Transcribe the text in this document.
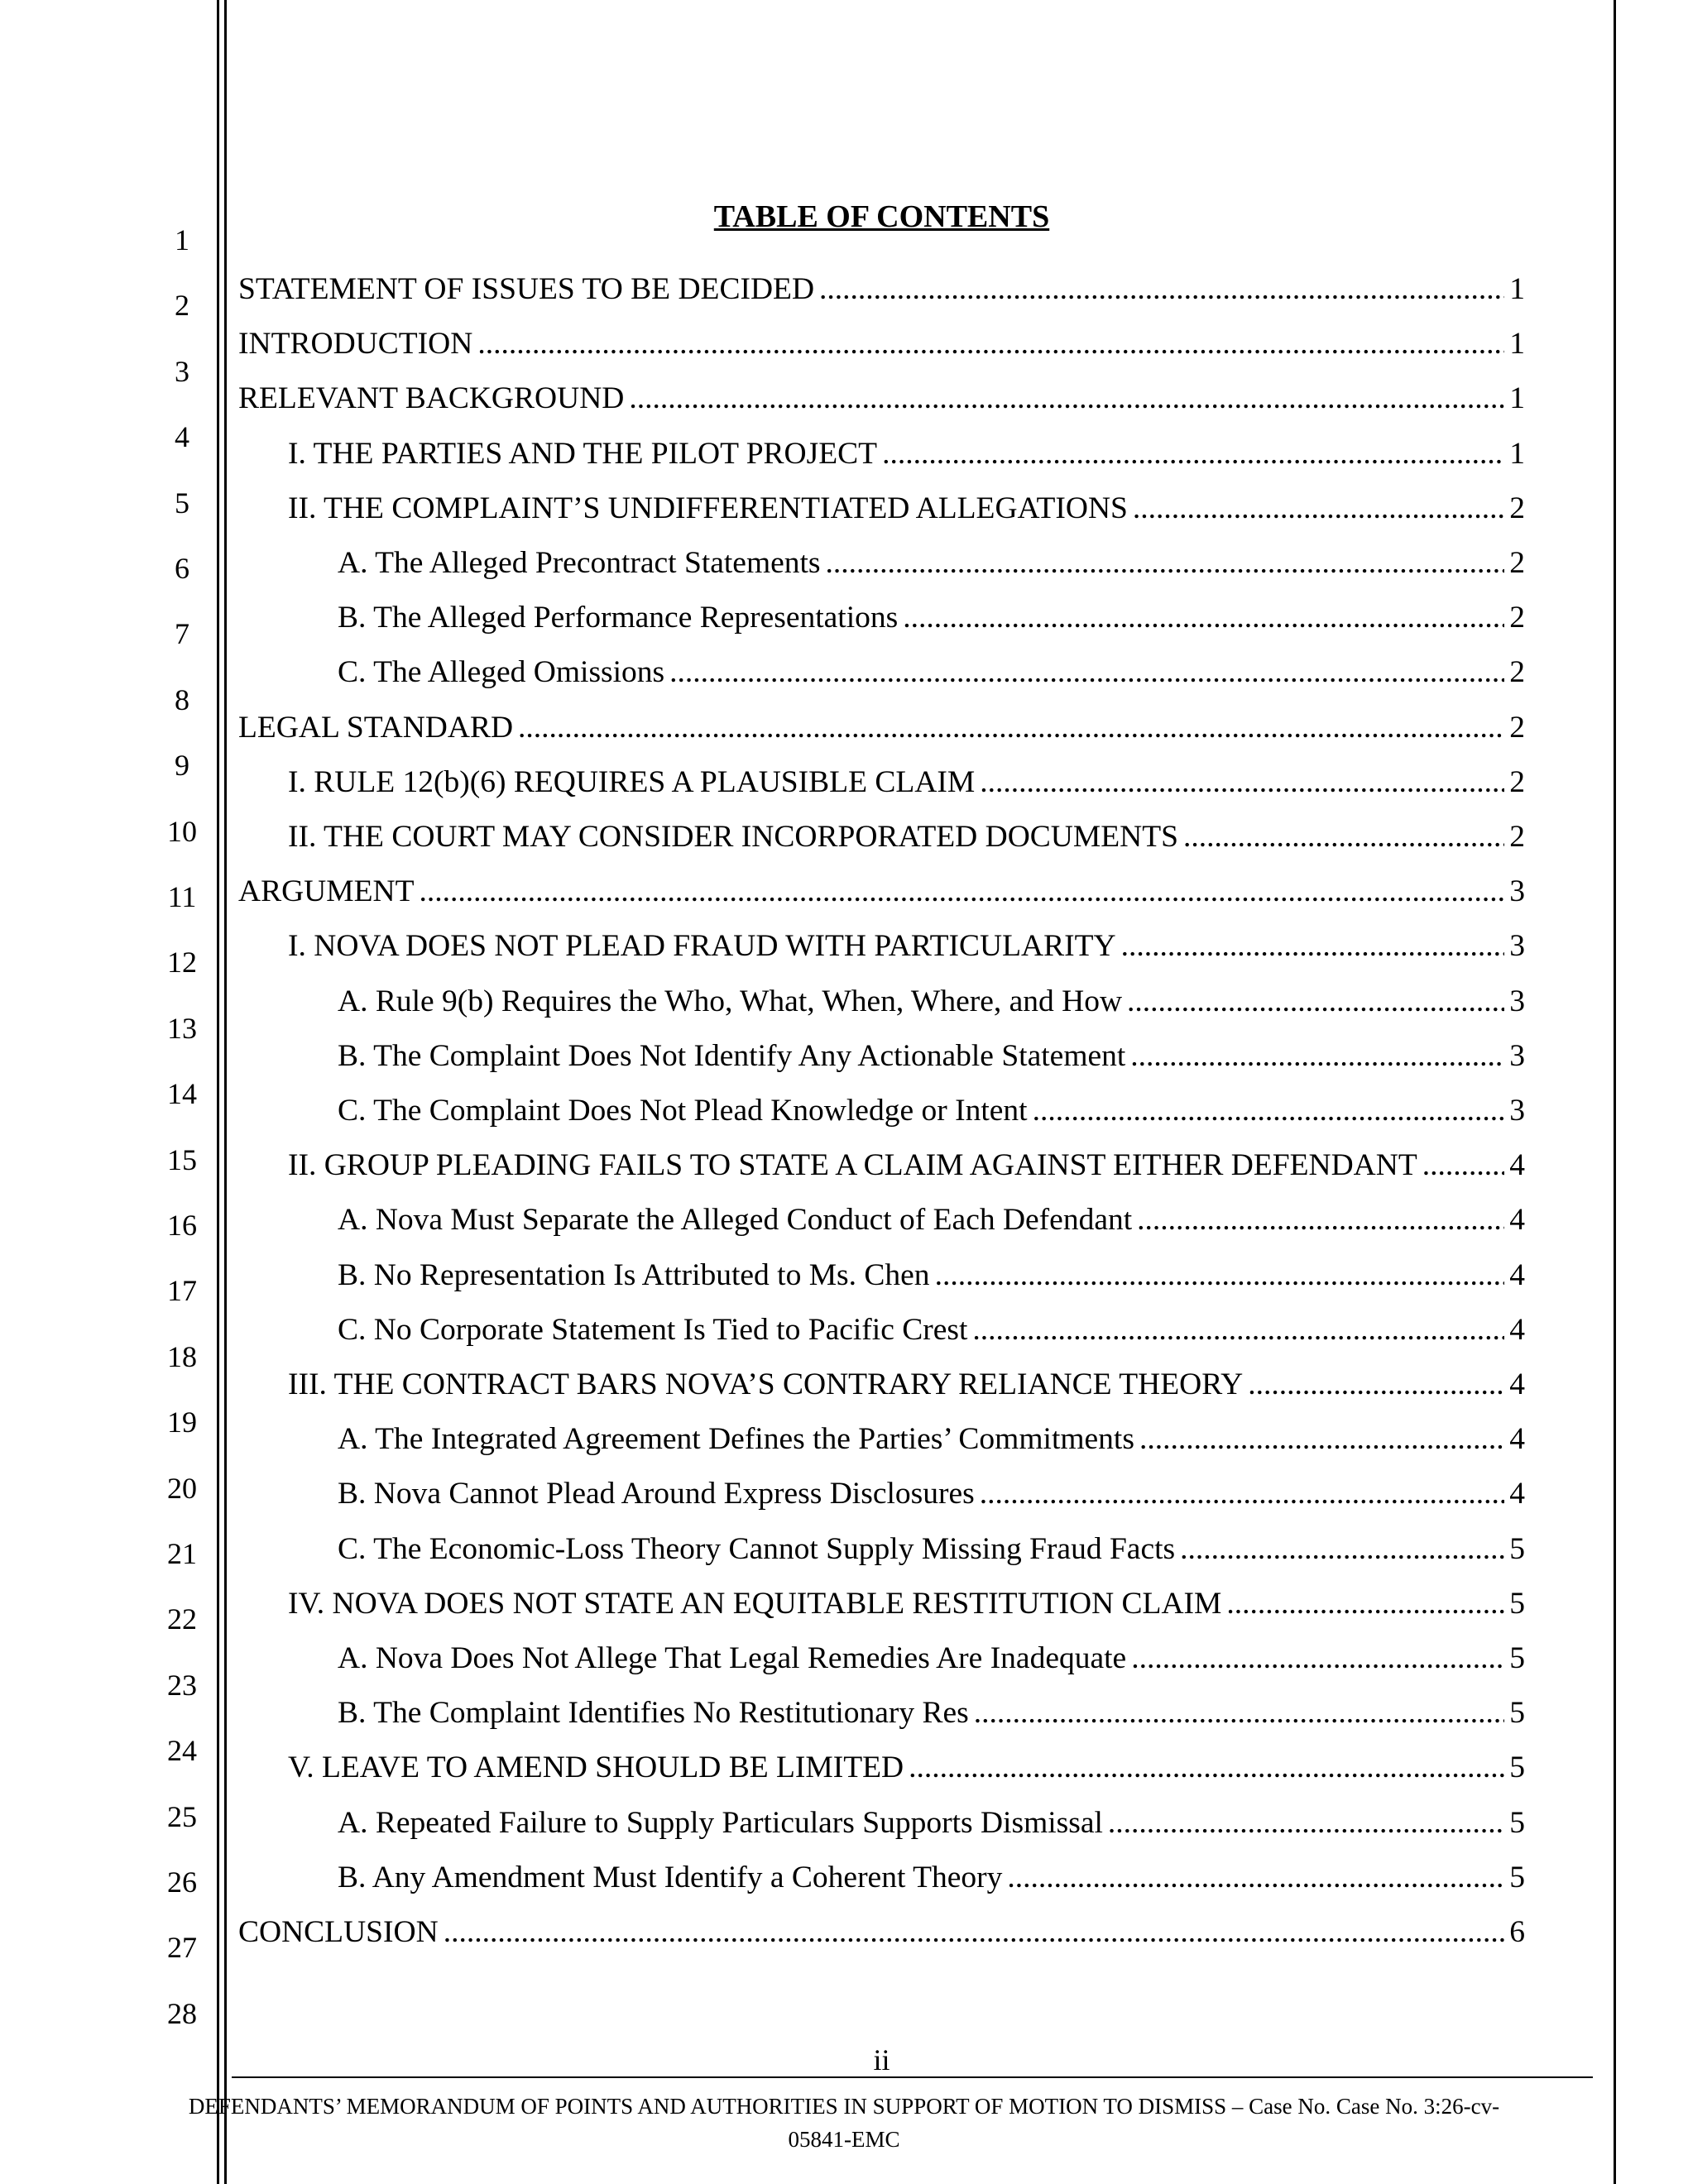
1
2
3
4
5
6
7
8
9
10
11
12
13
14
15
16
17
18
19
20
21
22
23
24
25
26
27
28
TABLE OF CONTENTS
STATEMENT OF ISSUES TO BE DECIDED .....	1
INTRODUCTION .....	1
RELEVANT BACKGROUND .....	1
I. THE PARTIES AND THE PILOT PROJECT .....	1
II. THE COMPLAINT’S UNDIFFERENTIATED ALLEGATIONS .....	2
A. The Alleged Precontract Statements .....	2
B. The Alleged Performance Representations .....	2
C. The Alleged Omissions .....	2
LEGAL STANDARD .....	2
I. RULE 12(b)(6) REQUIRES A PLAUSIBLE CLAIM .....	2
II. THE COURT MAY CONSIDER INCORPORATED DOCUMENTS .....	2
ARGUMENT .....	3
I. NOVA DOES NOT PLEAD FRAUD WITH PARTICULARITY .....	3
A. Rule 9(b) Requires the Who, What, When, Where, and How .....	3
B. The Complaint Does Not Identify Any Actionable Statement .....	3
C. The Complaint Does Not Plead Knowledge or Intent .....	3
II. GROUP PLEADING FAILS TO STATE A CLAIM AGAINST EITHER DEFENDANT .....	4
A. Nova Must Separate the Alleged Conduct of Each Defendant .....	4
B. No Representation Is Attributed to Ms. Chen .....	4
C. No Corporate Statement Is Tied to Pacific Crest .....	4
III. THE CONTRACT BARS NOVA’S CONTRARY RELIANCE THEORY .....	4
A. The Integrated Agreement Defines the Parties’ Commitments .....	4
B. Nova Cannot Plead Around Express Disclosures .....	4
C. The Economic-Loss Theory Cannot Supply Missing Fraud Facts .....	5
IV. NOVA DOES NOT STATE AN EQUITABLE RESTITUTION CLAIM .....	5
A. Nova Does Not Allege That Legal Remedies Are Inadequate .....	5
B. The Complaint Identifies No Restitutionary Res .....	5
V. LEAVE TO AMEND SHOULD BE LIMITED .....	5
A. Repeated Failure to Supply Particulars Supports Dismissal .....	5
B. Any Amendment Must Identify a Coherent Theory .....	5
CONCLUSION .....	6
ii
DEFENDANTS’ MEMORANDUM OF POINTS AND AUTHORITIES IN SUPPORT OF MOTION TO DISMISS – Case No. Case No. 3:26-cv-05841-EMC
